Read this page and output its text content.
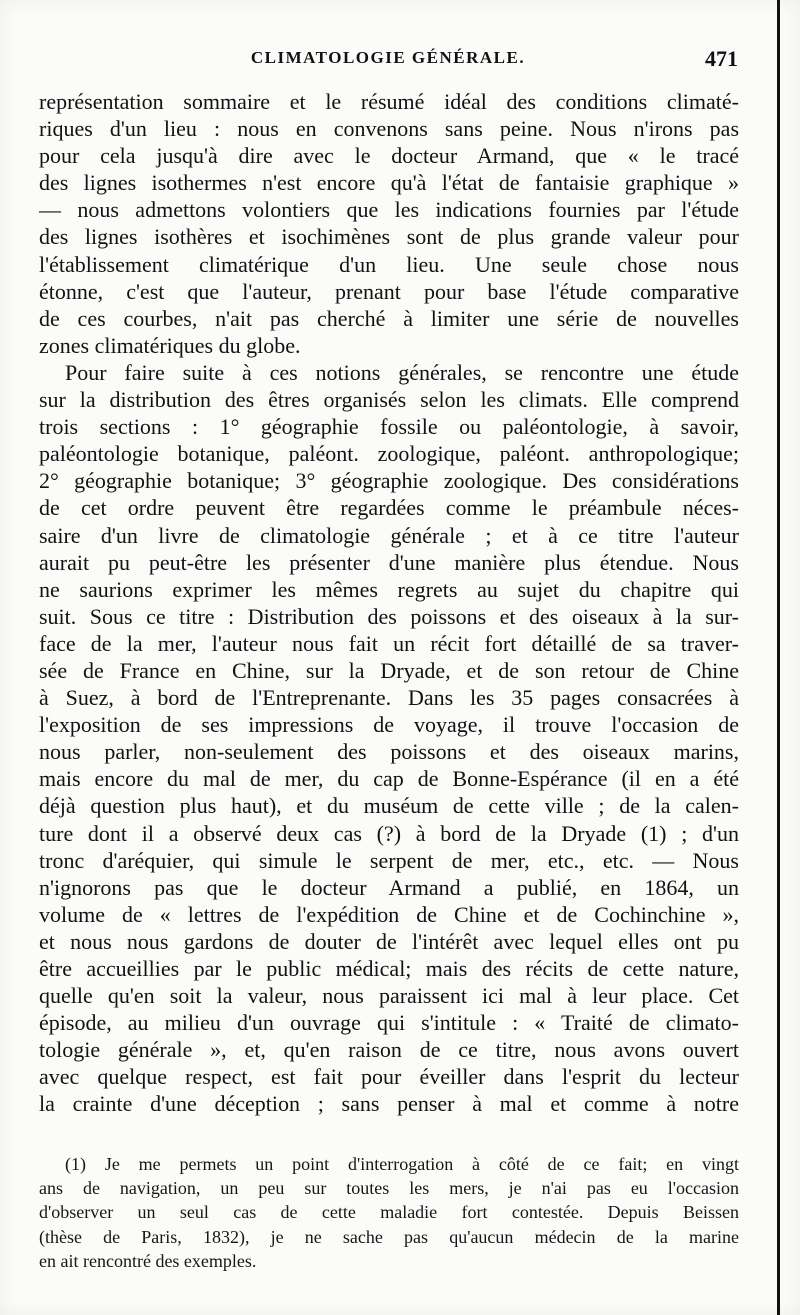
CLIMATOLOGIE GÉNÉRALE.	471
représentation sommaire et le résumé idéal des conditions climaté-
riques d'un lieu : nous en convenons sans peine. Nous n'irons pas
pour cela jusqu'à dire avec le docteur Armand, que « le tracé
des lignes isothermes n'est encore qu'à l'état de fantaisie graphique »
— nous admettons volontiers que les indications fournies par l'étude
des lignes isothères et isochimènes sont de plus grande valeur pour
l'établissement climatérique d'un lieu. Une seule chose nous
étonne, c'est que l'auteur, prenant pour base l'étude comparative
de ces courbes, n'ait pas cherché à limiter une série de nouvelles
zones climatériques du globe.
Pour faire suite à ces notions générales, se rencontre une étude
sur la distribution des êtres organisés selon les climats. Elle comprend
trois sections : 1° géographie fossile ou paléontologie, à savoir,
paléontologie botanique, paléont. zoologique, paléont. anthropologique;
2° géographie botanique; 3° géographie zoologique. Des considérations
de cet ordre peuvent être regardées comme le préambule néces-
saire d'un livre de climatologie générale ; et à ce titre l'auteur
aurait pu peut-être les présenter d'une manière plus étendue. Nous
ne saurions exprimer les mêmes regrets au sujet du chapitre qui
suit. Sous ce titre : Distribution des poissons et des oiseaux à la sur-
face de la mer, l'auteur nous fait un récit fort détaillé de sa traver-
sée de France en Chine, sur la Dryade, et de son retour de Chine
à Suez, à bord de l'Entreprenante. Dans les 35 pages consacrées à
l'exposition de ses impressions de voyage, il trouve l'occasion de
nous parler, non-seulement des poissons et des oiseaux marins,
mais encore du mal de mer, du cap de Bonne-Espérance (il en a été
déjà question plus haut), et du muséum de cette ville ; de la calen-
ture dont il a observé deux cas (?) à bord de la Dryade (1) ; d'un
tronc d'aréquier, qui simule le serpent de mer, etc., etc. — Nous
n'ignorons pas que le docteur Armand a publié, en 1864, un
volume de « lettres de l'expédition de Chine et de Cochinchine »,
et nous nous gardons de douter de l'intérêt avec lequel elles ont pu
être accueillies par le public médical; mais des récits de cette nature,
quelle qu'en soit la valeur, nous paraissent ici mal à leur place. Cet
épisode, au milieu d'un ouvrage qui s'intitule : « Traité de climato-
tologie générale », et, qu'en raison de ce titre, nous avons ouvert
avec quelque respect, est fait pour éveiller dans l'esprit du lecteur
la crainte d'une déception ; sans penser à mal et comme à notre
(1) Je me permets un point d'interrogation à côté de ce fait; en vingt
ans de navigation, un peu sur toutes les mers, je n'ai pas eu l'occasion
d'observer un seul cas de cette maladie fort contestée. Depuis Beissen
(thèse de Paris, 1832), je ne sache pas qu'aucun médecin de la marine
en ait rencontré des exemples.
